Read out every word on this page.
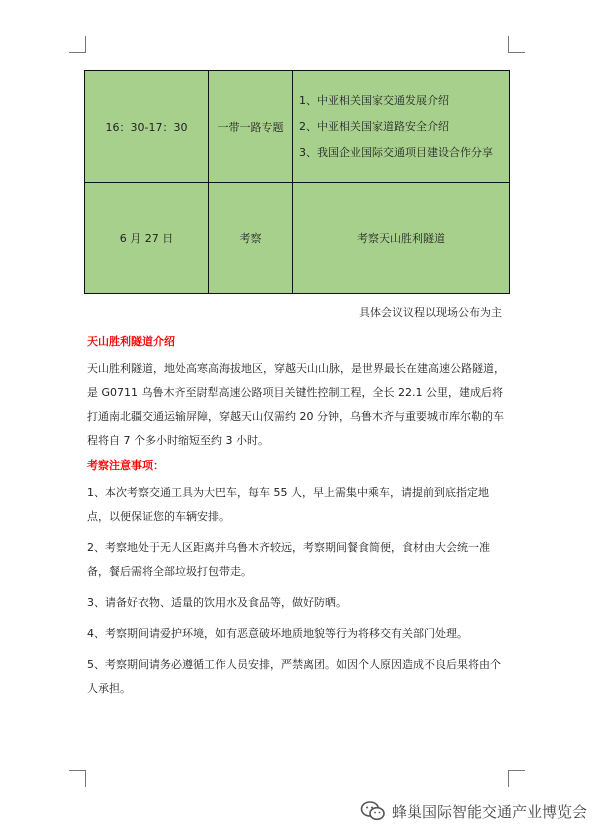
16：30-17：30	一带一路专题	1、中亚相关国家交通发展介绍
2、中亚相关国家道路安全介绍
3、我国企业国际交通项目建设合作分享

6 月 27 日	考察	考察天山胜利隧道
具体会议议程以现场公布为主
天山胜利隧道介绍

天山胜利隧道，地处高寒高海拔地区，穿越天山山脉，是世界最长在建高速公路隧道，是 G0711 乌鲁木齐至尉犁高速公路项目关键性控制工程，全长 22.1 公里，建成后将打通南北疆交通运输屏障，穿越天山仅需约 20 分钟，乌鲁木齐与重要城市库尔勒的车程将自 7 个多小时缩短至约 3 小时。

考察注意事项：

1、本次考察交通工具为大巴车，每车 55 人，早上需集中乘车，请提前到底指定地点，以便保证您的车辆安排。

2、考察地处于无人区距离并乌鲁木齐较远，考察期间餐食简便，食材由大会统一准备，餐后需将全部垃圾打包带走。

3、请备好衣物、适量的饮用水及食品等，做好防晒。

4、考察期间请爱护环境，如有恶意破坏地质地貌等行为将移交有关部门处理。

5、考察期间请务必遵循工作人员安排，严禁离团。如因个人原因造成不良后果将由个人承担。

蜂巢国际智能交通产业博览会
